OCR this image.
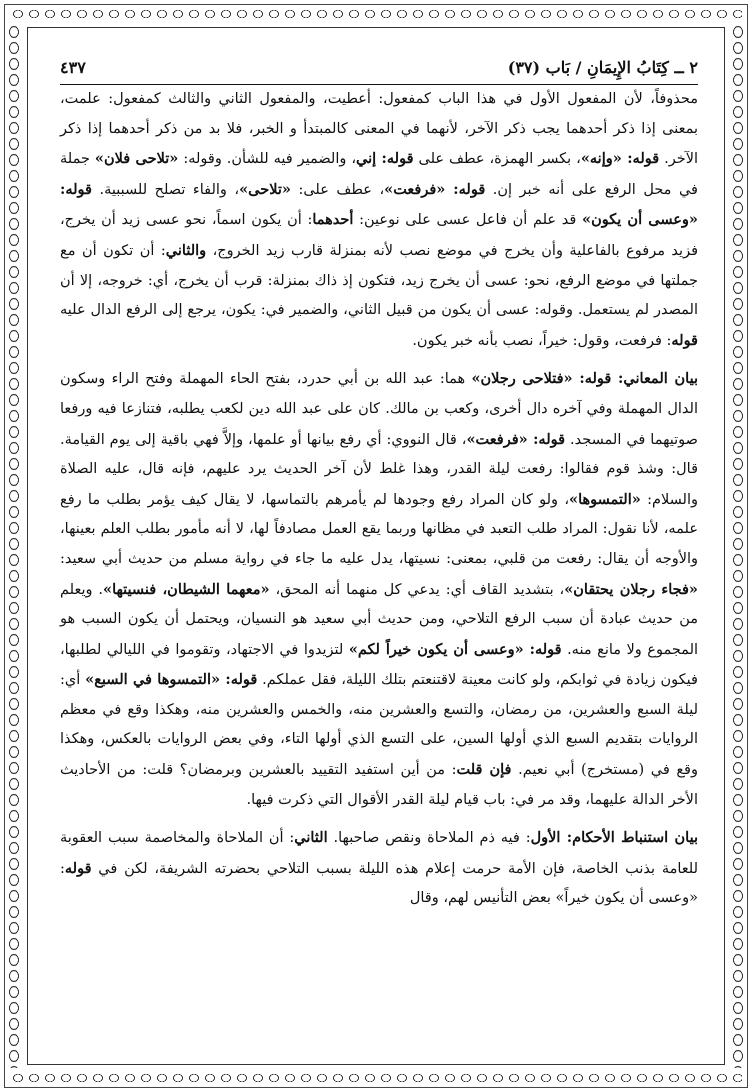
٢ ــ كِتَابُ الإِيمَانِ / بَاب (٣٧)
٤٣٧

محذوفاً، لأن المفعول الأول في هذا الباب كمفعول: أعطيت، والمفعول الثاني والثالث كمفعول: علمت، بمعنى إذا ذكر أحدهما يجب ذكر الآخر، لأنهما في المعنى كالمبتدأ و الخبر، فلا بد من ذكر أحدهما إذا ذكر الآخر. قوله: «وإنه»، بكسر الهمزة، عطف على قوله: إني، والضمير فيه للشأن. وقوله: «تلاحى فلان» جملة في محل الرفع على أنه خبر إن. قوله: «فرفعت»، عطف على: «تلاحى»، والفاء تصلح للسببية. قوله: «وعسى أن يكون» قد علم أن فاعل عسى على نوعين: أحدهما: أن يكون اسماً، نحو عسى زيد أن يخرج، فزيد مرفوع بالفاعلية وأن يخرج في موضع نصب لأنه بمنزلة قارب زيد الخروج، والثاني: أن تكون أن مع جملتها في موضع الرفع، نحو: عسى أن يخرج زيد، فتكون إذ ذاك بمنزلة: قرب أن يخرج، أي: خروجه، إلا أن المصدر لم يستعمل. وقوله: عسى أن يكون من قبيل الثاني، والضمير في: يكون، يرجع إلى الرفع الدال عليه قوله: فرفعت، وقول: خيراً، نصب بأنه خبر يكون.

بيان المعاني: قوله: «فتلاحى رجلان» هما: عبد الله بن أبي حدرد، بفتح الحاء المهملة وفتح الراء وسكون الدال المهملة وفي آخره دال أخرى، وكعب بن مالك. كان على عبد الله دين لكعب يطلبه، فتنازعا فيه ورفعا صوتيهما في المسجد. قوله: «فرفعت»، قال النووي: أي رفع بيانها أو علمها، وإلاَّ فهي باقية إلى يوم القيامة. قال: وشذ قوم فقالوا: رفعت ليلة القدر، وهذا غلط لأن آخر الحديث يرد عليهم، فإنه قال، عليه الصلاة والسلام: «التمسوها»، ولو كان المراد رفع وجودها لم يأمرهم بالتماسها، لا يقال كيف يؤمر بطلب ما رفع علمه، لأنا نقول: المراد طلب التعبد في مظانها وربما يقع العمل مصادفاً لها، لا أنه مأمور بطلب العلم بعينها، والأوجه أن يقال: رفعت من قلبي، بمعنى: نسيتها، يدل عليه ما جاء في رواية مسلم من حديث أبي سعيد: «فجاء رجلان يحتقان»، بتشديد القاف أي: يدعي كل منهما أنه المحق، «معهما الشيطان، فنسيتها». ويعلم من حديث عبادة أن سبب الرفع التلاحي، ومن حديث أبي سعيد هو النسيان، ويحتمل أن يكون السبب هو المجموع ولا مانع منه. قوله: «وعسى أن يكون خيراً لكم» لتزيدوا في الاجتهاد، وتقوموا في الليالي لطلبها، فيكون زيادة في ثوابكم، ولو كانت معينة لاقتنعتم بتلك الليلة، فقل عملكم. قوله: «التمسوها في السبع» أي: ليلة السبع والعشرين، من رمضان، والتسع والعشرين منه، والخمس والعشرين منه، وهكذا وقع في معظم الروايات بتقديم السبع الذي أولها السين، على التسع الذي أولها التاء، وفي بعض الروايات بالعكس، وهكذا وقع في (مستخرج) أبي نعيم. فإن قلت: من أين استفيد التقييد بالعشرين وبرمضان؟ قلت: من الأحاديث الأخر الدالة عليهما، وقد مر في: باب قيام ليلة القدر الأقوال التي ذكرت فيها.

بيان استنباط الأحكام: الأول: فيه ذم الملاحاة ونقص صاحبها. الثاني: أن الملاحاة والمخاصمة سبب العقوبة للعامة بذنب الخاصة، فإن الأمة حرمت إعلام هذه الليلة بسبب التلاحي بحضرته الشريفة، لكن في قوله: «وعسى أن يكون خيراً» بعض التأنيس لهم، وقال
